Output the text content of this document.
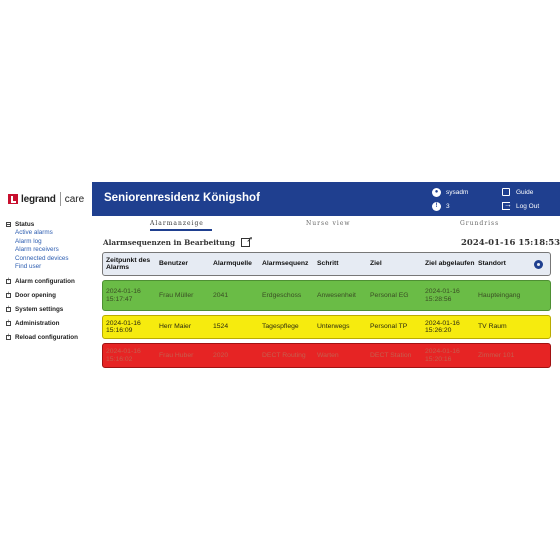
legrand care Seniorenresidenz Königshof	●	sysadm
!	3
Guide
→
Log Out
Status
Active alarms
Alarm log
Alarm receivers
Connected devices
Find user
+
Alarm configuration
+
Door opening
+
System settings
+
Administration
+
Reload configuration
Alarmanzeige	Nurse view	Grundriss
Alarmsequenzen in Bearbeitung
↗	2024-01-16 15:18:53
Zeitpunkt des Alarms
Benutzer	Alarmquelle	Alarmsequenz	Schritt	Ziel	Ziel abgelaufen Standort
2024-01-16 15:17:47
Frau Müller	2041	Erdgeschoss	Anwesenheit	Personal EG
2024-01-16 15:28:56
Haupteingang
2024-01-16 15:16:09
Herr Maier	1524	Tagespflege	Unterwegs	Personal TP
2024-01-16 15:26:20
TV Raum
2024-01-16 15:16:02
Frau Huber	2020	DECT Routing	Warten	DECT Station
2024-01-16 15:20:16
Zimmer 101
